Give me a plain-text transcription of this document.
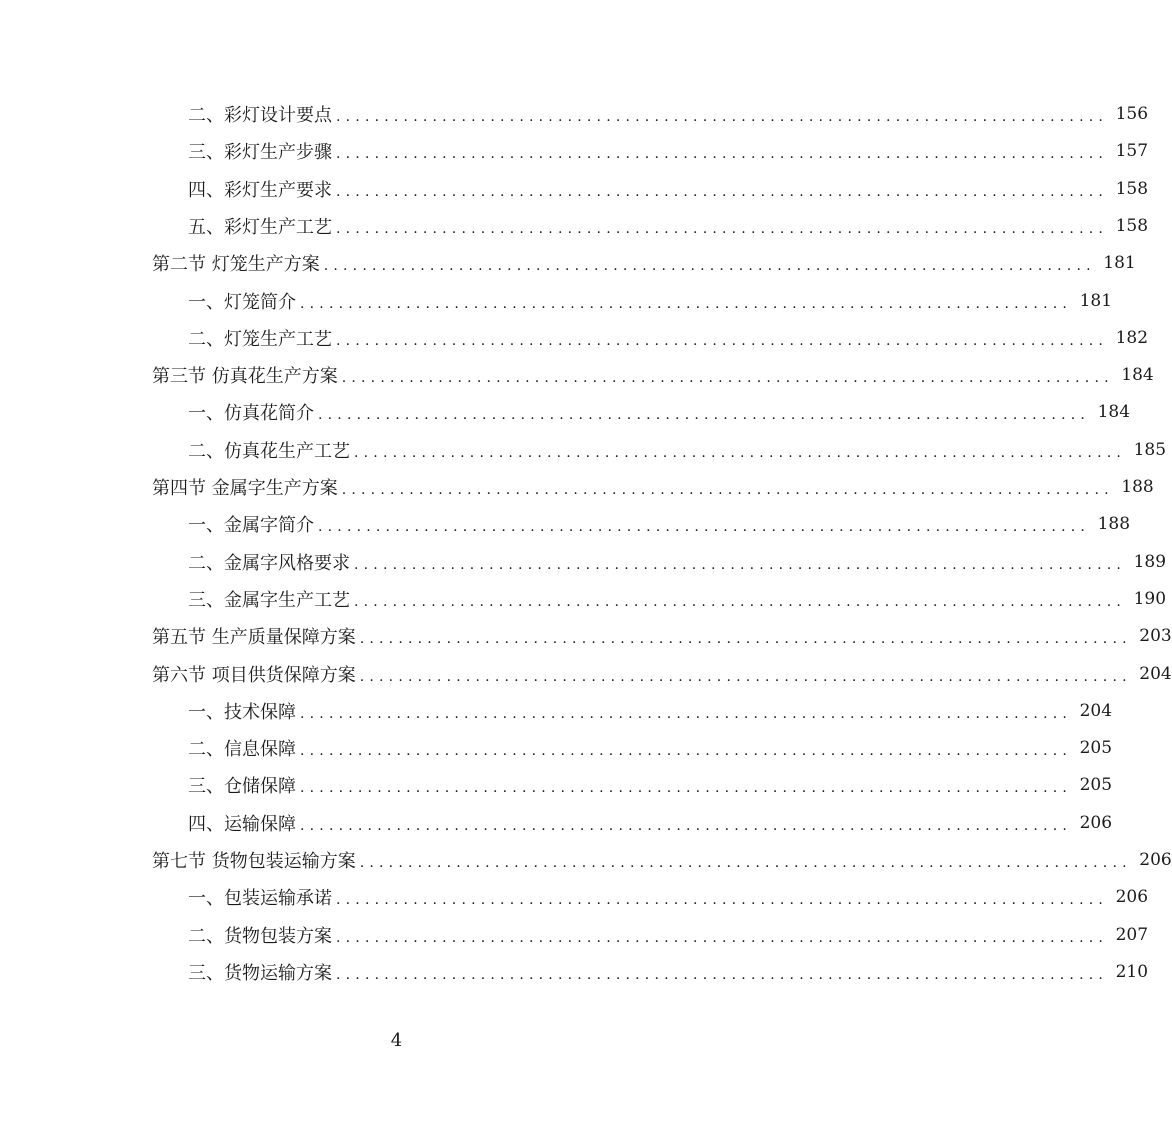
二、彩灯设计要点 ................................................................................ 156
三、彩灯生产步骤 ................................................................................ 157
四、彩灯生产要求 ................................................................................ 158
五、彩灯生产工艺 ................................................................................ 158
第二节 灯笼生产方案 ................................................................................ 181
一、灯笼简介 ................................................................................ 181
二、灯笼生产工艺 ................................................................................ 182
第三节 仿真花生产方案 ................................................................................ 184
一、仿真花简介 ................................................................................ 184
二、仿真花生产工艺 ................................................................................ 185
第四节 金属字生产方案 ................................................................................ 188
一、金属字简介 ................................................................................ 188
二、金属字风格要求 ................................................................................ 189
三、金属字生产工艺 ................................................................................ 190
第五节 生产质量保障方案 ................................................................................ 203
第六节 项目供货保障方案 ................................................................................ 204
一、技术保障 ................................................................................ 204
二、信息保障 ................................................................................ 205
三、仓储保障 ................................................................................ 205
四、运输保障 ................................................................................ 206
第七节 货物包装运输方案 ................................................................................ 206
一、包装运输承诺 ................................................................................ 206
二、货物包装方案 ................................................................................ 207
三、货物运输方案 ................................................................................ 210
4
